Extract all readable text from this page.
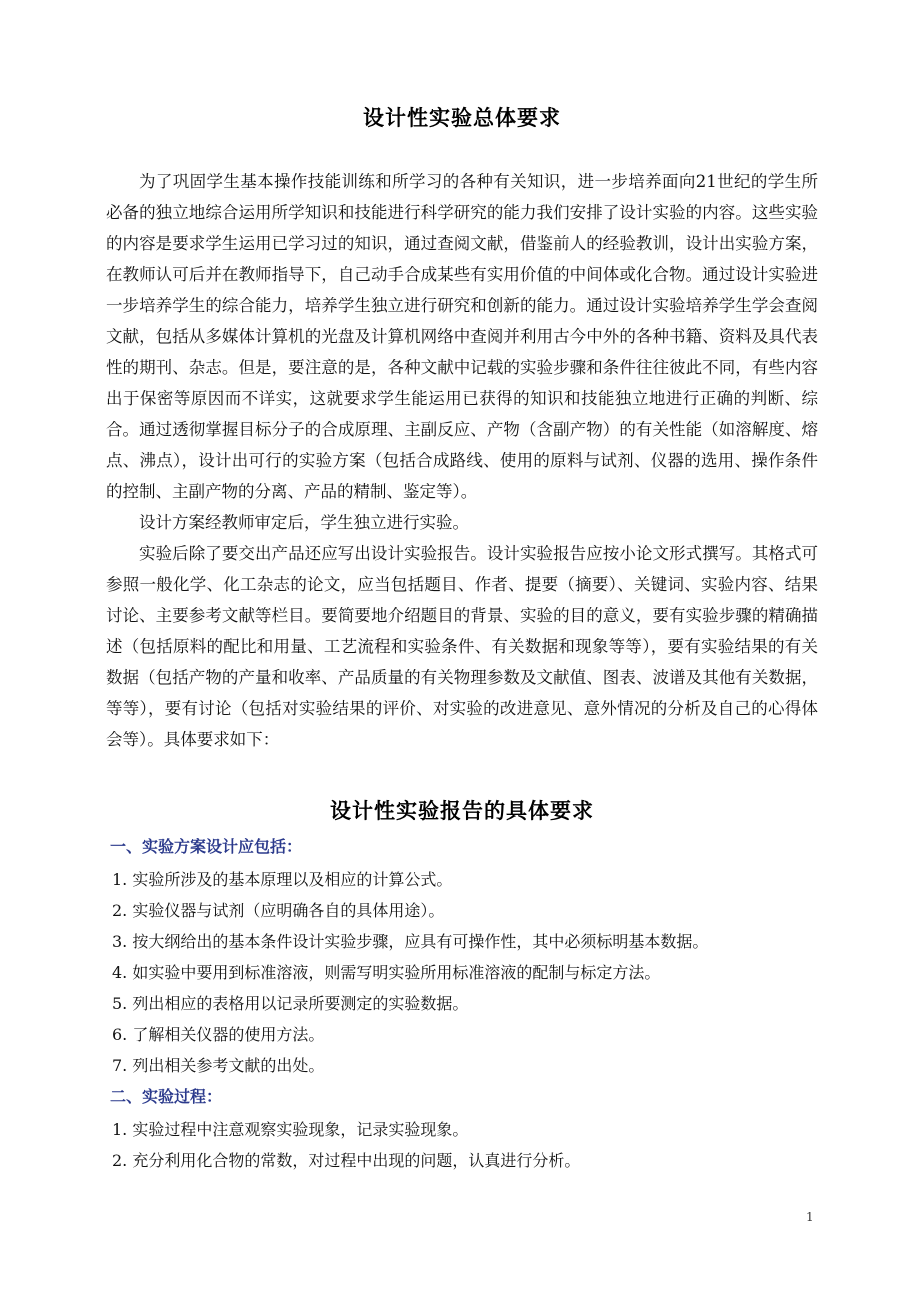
设计性实验总体要求

为了巩固学生基本操作技能训练和所学习的各种有关知识，进一步培养面向21世纪的学生所必备的独立地综合运用所学知识和技能进行科学研究的能力我们安排了设计实验的内容。这些实验的内容是要求学生运用已学习过的知识，通过查阅文献，借鉴前人的经验教训，设计出实验方案，在教师认可后并在教师指导下，自己动手合成某些有实用价值的中间体或化合物。通过设计实验进一步培养学生的综合能力，培养学生独立进行研究和创新的能力。通过设计实验培养学生学会查阅文献，包括从多媒体计算机的光盘及计算机网络中查阅并利用古今中外的各种书籍、资料及具代表性的期刊、杂志。但是，要注意的是，各种文献中记载的实验步骤和条件往往彼此不同，有些内容出于保密等原因而不详实，这就要求学生能运用已获得的知识和技能独立地进行正确的判断、综合。通过透彻掌握目标分子的合成原理、主副反应、产物（含副产物）的有关性能（如溶解度、熔点、沸点），设计出可行的实验方案（包括合成路线、使用的原料与试剂、仪器的选用、操作条件的控制、主副产物的分离、产品的精制、鉴定等）。

设计方案经教师审定后，学生独立进行实验。

实验后除了要交出产品还应写出设计实验报告。设计实验报告应按小论文形式撰写。其格式可参照一般化学、化工杂志的论文，应当包括题目、作者、提要（摘要）、关键词、实验内容、结果讨论、主要参考文献等栏目。要简要地介绍题目的背景、实验的目的意义，要有实验步骤的精确描述（包括原料的配比和用量、工艺流程和实验条件、有关数据和现象等等），要有实验结果的有关数据（包括产物的产量和收率、产品质量的有关物理参数及文献值、图表、波谱及其他有关数据，等等），要有讨论（包括对实验结果的评价、对实验的改进意见、意外情况的分析及自己的心得体会等）。具体要求如下：

设计性实验报告的具体要求
一、实验方案设计应包括：
1. 实验所涉及的基本原理以及相应的计算公式。
2. 实验仪器与试剂（应明确各自的具体用途）。
3. 按大纲给出的基本条件设计实验步骤，应具有可操作性，其中必须标明基本数据。
4. 如实验中要用到标准溶液，则需写明实验所用标准溶液的配制与标定方法。
5. 列出相应的表格用以记录所要测定的实验数据。
6. 了解相关仪器的使用方法。
7. 列出相关参考文献的出处。
二、实验过程：
1. 实验过程中注意观察实验现象，记录实验现象。
2. 充分利用化合物的常数，对过程中出现的问题，认真进行分析。
1
